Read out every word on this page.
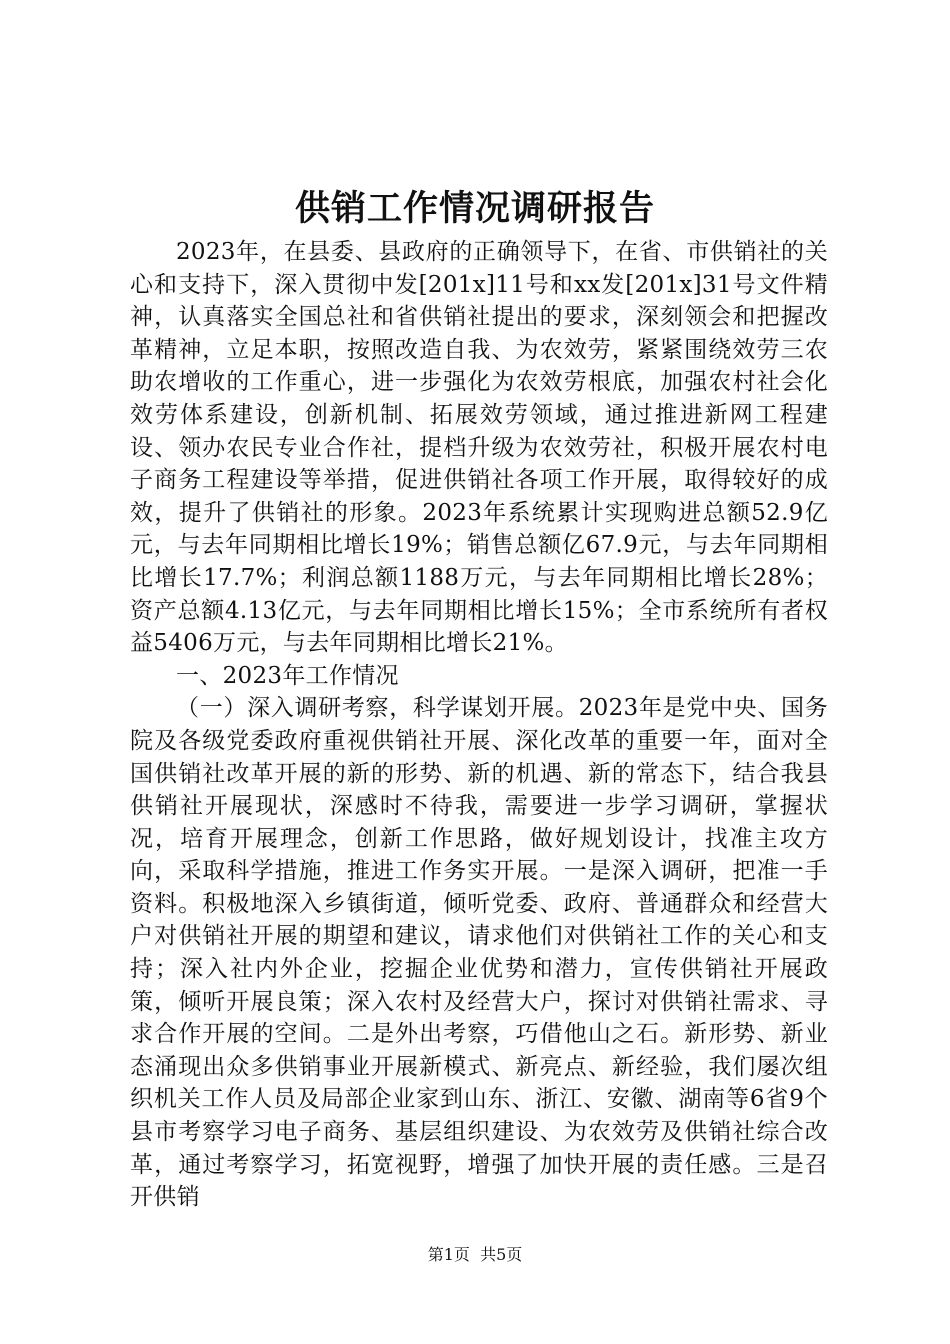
供销工作情况调研报告

2023年，在县委、县政府的正确领导下，在省、市供销社的关心和支持下，深入贯彻中发[201x]11号和xx发[201x]31号文件精神，认真落实全国总社和省供销社提出的要求，深刻领会和把握改革精神，立足本职，按照改造自我、为农效劳，紧紧围绕效劳三农助农增收的工作重心，进一步强化为农效劳根底，加强农村社会化效劳体系建设，创新机制、拓展效劳领域，通过推进新网工程建设、领办农民专业合作社，提档升级为农效劳社，积极开展农村电子商务工程建设等举措，促进供销社各项工作开展，取得较好的成效，提升了供销社的形象。2023年系统累计实现购进总额52.9亿元，与去年同期相比增长19%；销售总额亿67.9元，与去年同期相比增长17.7%；利润总额1188万元，与去年同期相比增长28%；资产总额4.13亿元，与去年同期相比增长15%；全市系统所有者权益5406万元，与去年同期相比增长21%。

一、2023年工作情况

（一）深入调研考察，科学谋划开展。2023年是党中央、国务院及各级党委政府重视供销社开展、深化改革的重要一年，面对全国供销社改革开展的新的形势、新的机遇、新的常态下，结合我县供销社开展现状，深感时不待我，需要进一步学习调研，掌握状况，培育开展理念，创新工作思路，做好规划设计，找准主攻方向，采取科学措施，推进工作务实开展。一是深入调研，把准一手资料。积极地深入乡镇街道，倾听党委、政府、普通群众和经营大户对供销社开展的期望和建议，请求他们对供销社工作的关心和支持；深入社内外企业，挖掘企业优势和潜力，宣传供销社开展政策，倾听开展良策；深入农村及经营大户，探讨对供销社需求、寻求合作开展的空间。二是外出考察，巧借他山之石。新形势、新业态涌现出众多供销事业开展新模式、新亮点、新经验，我们屡次组织机关工作人员及局部企业家到山东、浙江、安徽、湖南等6省9个县市考察学习电子商务、基层组织建设、为农效劳及供销社综合改革，通过考察学习，拓宽视野，增强了加快开展的责任感。三是召开供销

第1页 共5页
